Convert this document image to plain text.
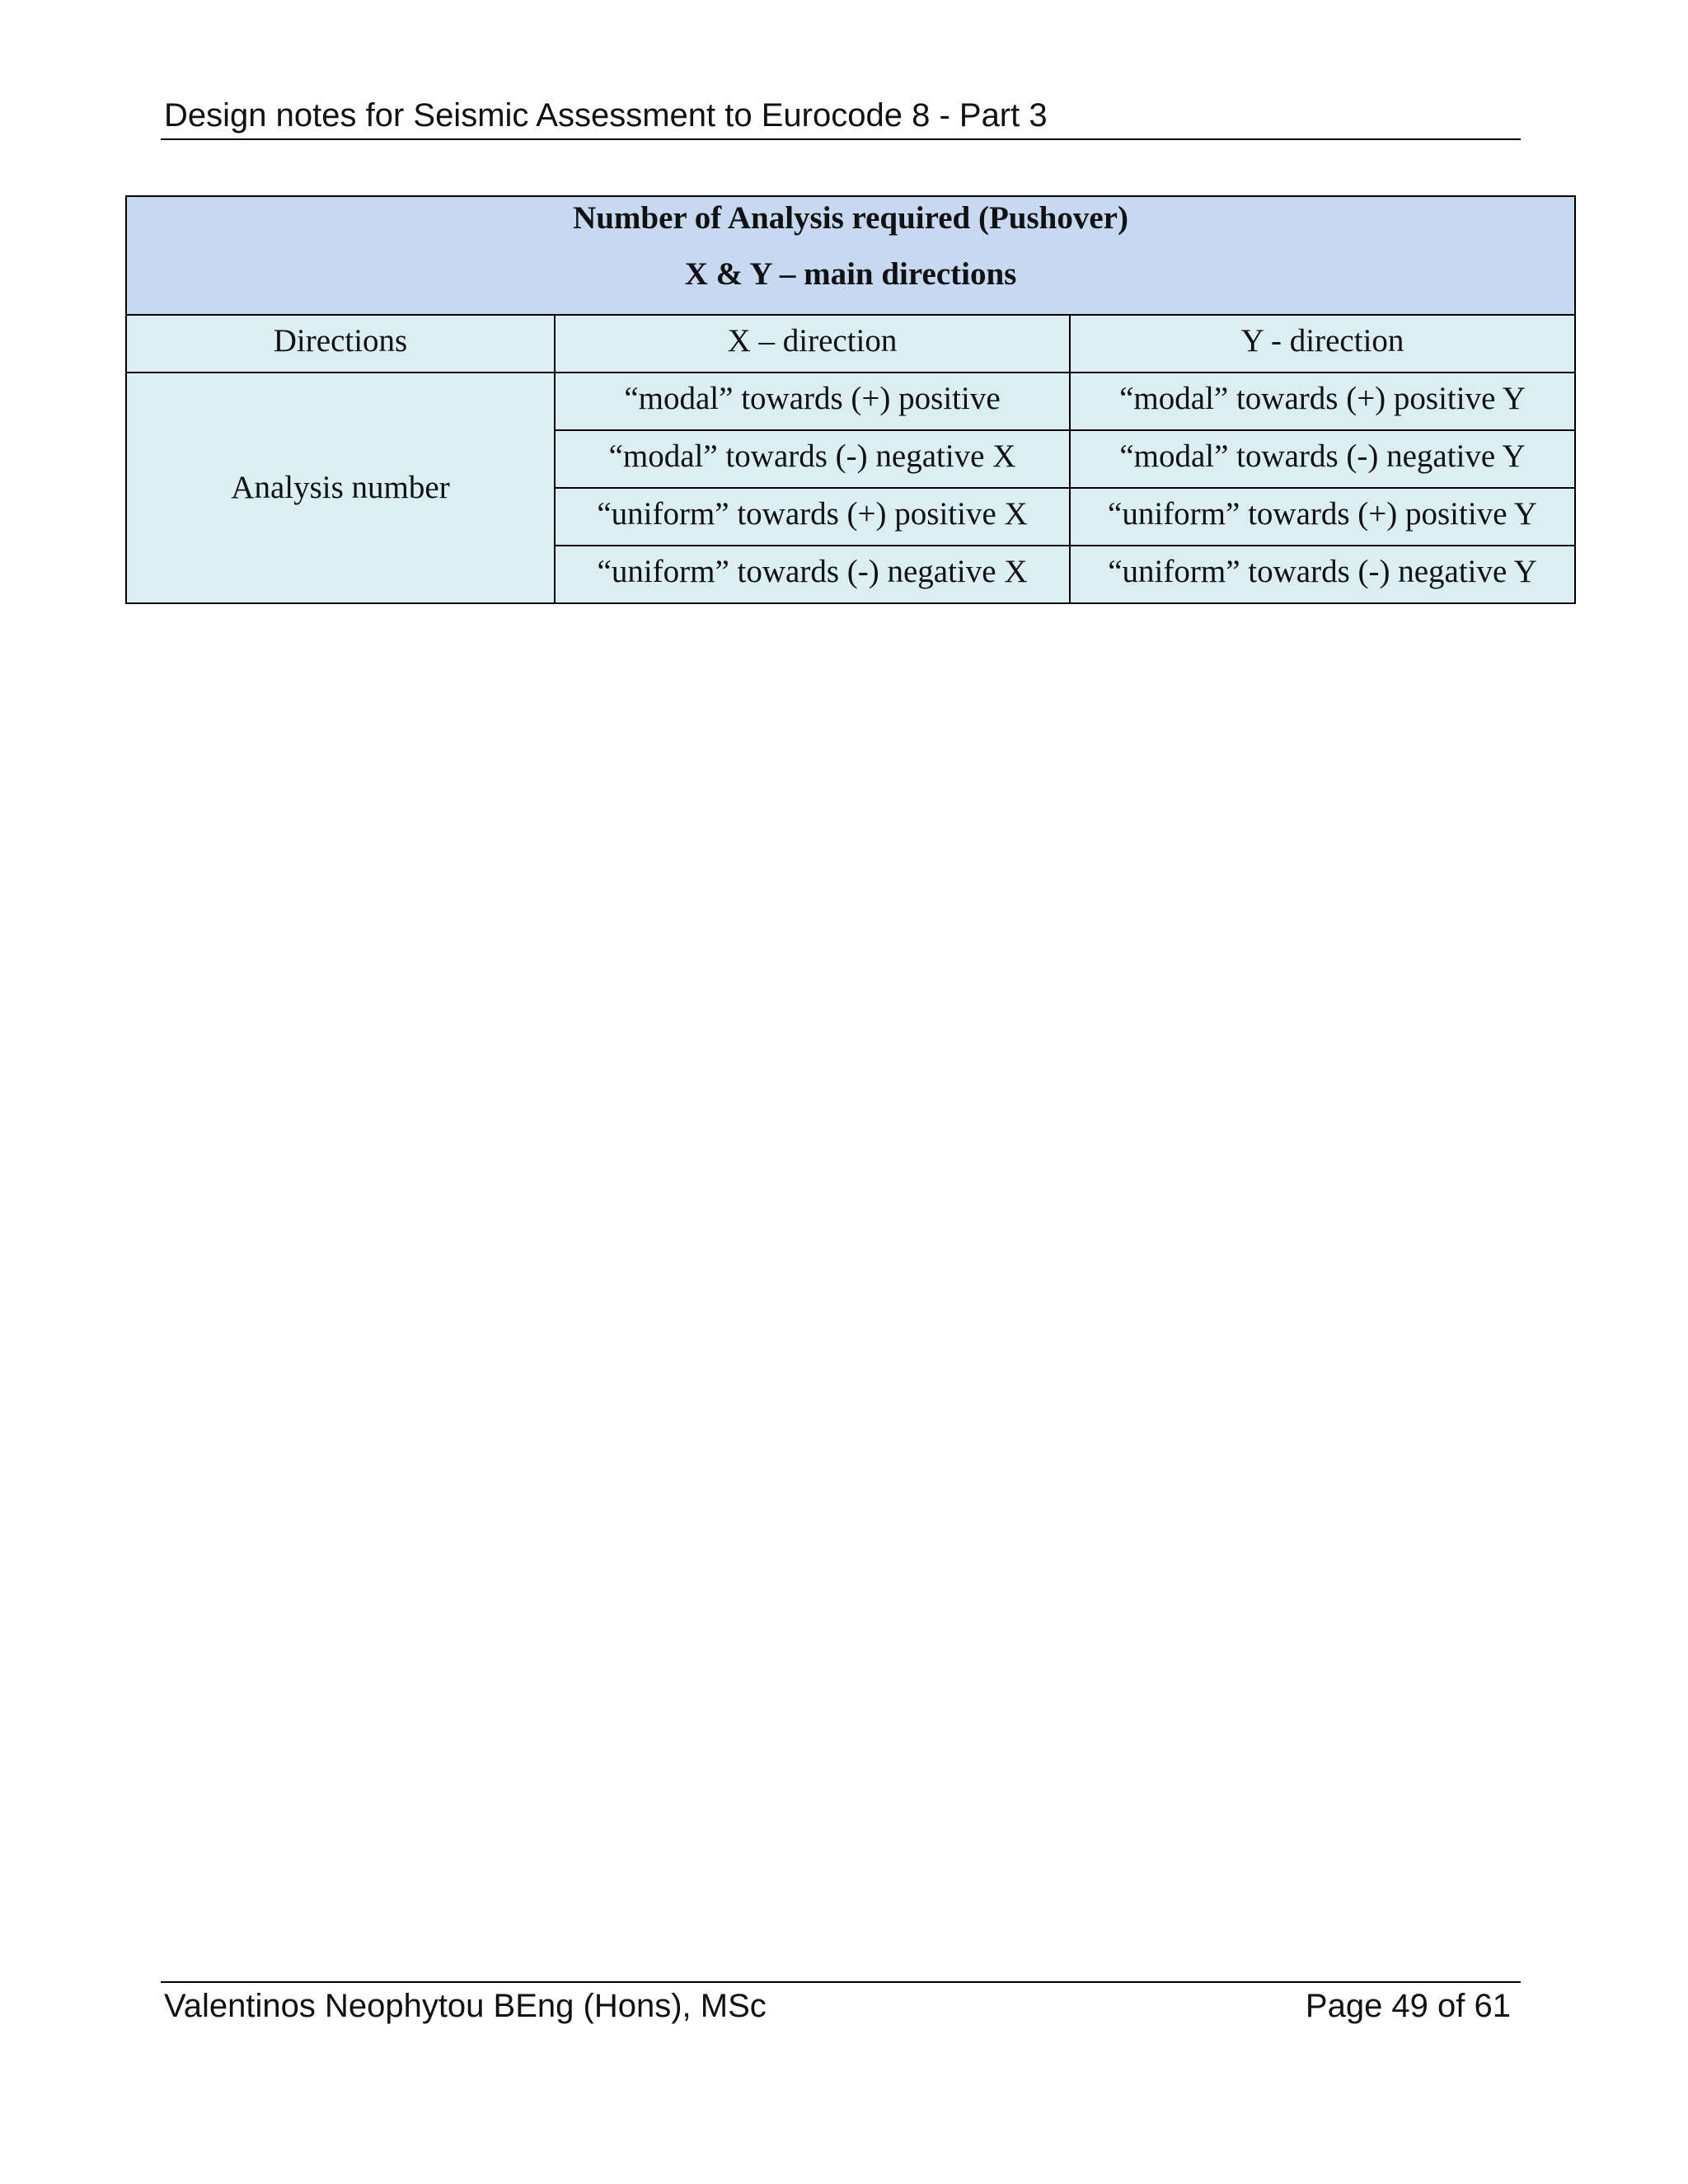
Design notes for Seismic Assessment to Eurocode 8 - Part 3
Number of Analysis required (Pushover)
X & Y – main directions		

Directions	X – direction	Y - direction

Analysis number	“modal” towards (+) positive	“modal” towards (+) positive Y

	“modal” towards (-) negative X	“modal” towards (-) negative Y

	“uniform” towards (+) positive X	“uniform” towards (+) positive Y

	“uniform” towards (-) negative X	“uniform” towards (-) negative Y
Valentinos Neophytou BEng (Hons), MSc	Page 49 of 61
